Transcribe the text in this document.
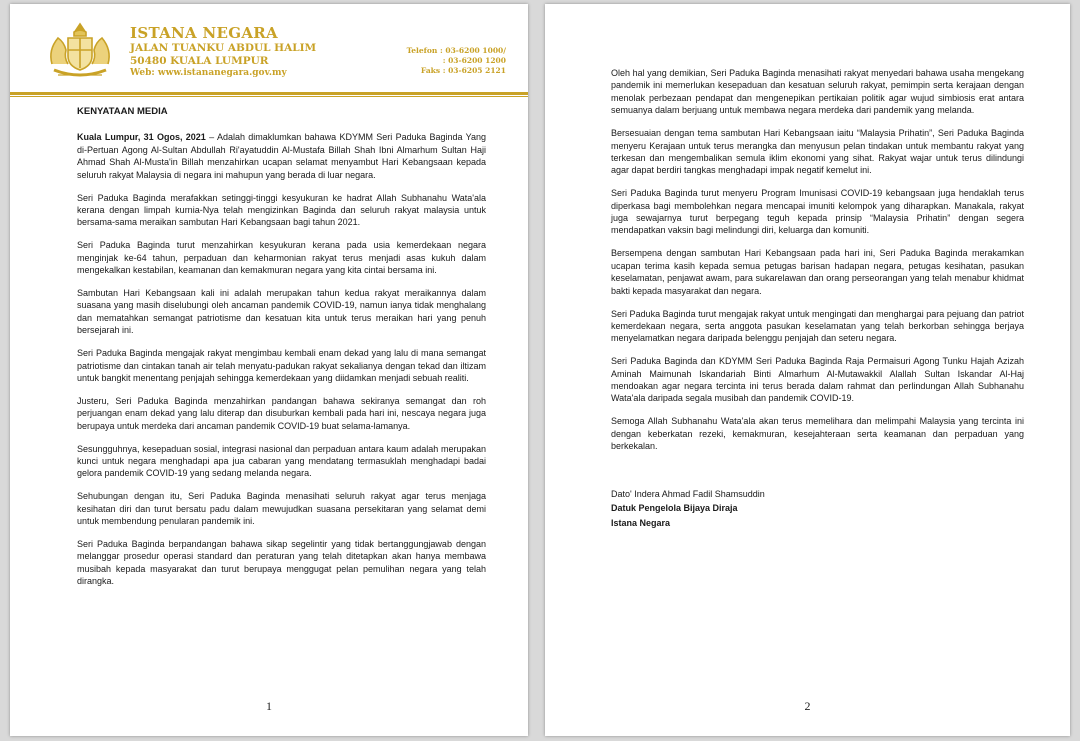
ISTANA NEGARA
JALAN TUANKU ABDUL HALIM
50480 KUALA LUMPUR
Web: www.istananegara.gov.my
Telefon : 03-6200 1000/
: 03-6200 1200
Faks : 03-6205 2121

KENYATAAN MEDIA

Kuala Lumpur, 31 Ogos, 2021 – Adalah dimaklumkan bahawa KDYMM Seri Paduka Baginda Yang di-Pertuan Agong Al-Sultan Abdullah Ri'ayatuddin Al-Mustafa Billah Shah Ibni Almarhum Sultan Haji Ahmad Shah Al-Musta'in Billah menzahirkan ucapan selamat menyambut Hari Kebangsaan kepada seluruh rakyat Malaysia di negara ini mahupun yang berada di luar negara.

Seri Paduka Baginda merafakkan setinggi-tinggi kesyukuran ke hadrat Allah Subhanahu Wata'ala kerana dengan limpah kurnia-Nya telah mengizinkan Baginda dan seluruh rakyat malaysia untuk bersama-sama meraikan sambutan Hari Kebangsaan bagi tahun 2021.

Seri Paduka Baginda turut menzahirkan kesyukuran kerana pada usia kemerdekaan negara menginjak ke-64 tahun, perpaduan dan keharmonian rakyat terus menjadi asas kukuh dalam mengekalkan kestabilan, keamanan dan kemakmuran negara yang kita cintai bersama ini.

Sambutan Hari Kebangsaan kali ini adalah merupakan tahun kedua rakyat meraikannya dalam suasana yang masih diselubungi oleh ancaman pandemik COVID-19, namun ianya tidak menghalang dan mematahkan semangat patriotisme dan kesatuan kita untuk terus meraikan hari yang penuh bersejarah ini.

Seri Paduka Baginda mengajak rakyat mengimbau kembali enam dekad yang lalu di mana semangat patriotisme dan cintakan tanah air telah menyatu-padukan rakyat sekalianya dengan tekad dan iltizam untuk bangkit menentang penjajah sehingga kemerdekaan yang diidamkan menjadi sebuah realiti.

Justeru, Seri Paduka Baginda menzahirkan pandangan bahawa sekiranya semangat dan roh perjuangan enam dekad yang lalu diterap dan disuburkan kembali pada hari ini, nescaya negara juga berupaya untuk merdeka dari ancaman pandemik COVID-19 buat selama-lamanya.

Sesungguhnya, kesepaduan sosial, integrasi nasional dan perpaduan antara kaum adalah merupakan kunci untuk negara menghadapi apa jua cabaran yang mendatang termasuklah menghadapi badai gelora pandemik COVID-19 yang sedang melanda negara.

Sehubungan dengan itu, Seri Paduka Baginda menasihati seluruh rakyat agar terus menjaga kesihatan diri dan turut bersatu padu dalam mewujudkan suasana persekitaran yang selamat demi untuk membendung penularan pandemik ini.

Seri Paduka Baginda berpandangan bahawa sikap segelintir yang tidak bertanggungjawab dengan melanggar prosedur operasi standard dan peraturan yang telah ditetapkan akan hanya membawa musibah kepada masyarakat dan turut berupaya menggugat pelan pemulihan negara yang telah dirangka.

1

Oleh hal yang demikian, Seri Paduka Baginda menasihati rakyat menyedari bahawa usaha mengekang pandemik ini memerlukan kesepaduan dan kesatuan seluruh rakyat, pemimpin serta kerajaan dengan menolak perbezaan pendapat dan mengenepikan pertikaian politik agar wujud simbiosis erat antara semuanya dalam berjuang untuk membawa negara merdeka dari pandemik yang melanda.

Bersesuaian dengan tema sambutan Hari Kebangsaan iaitu “Malaysia Prihatin”, Seri Paduka Baginda menyeru Kerajaan untuk terus merangka dan menyusun pelan tindakan untuk membantu rakyat yang terkesan dan mengembalikan semula iklim ekonomi yang sihat. Rakyat wajar untuk terus dilindungi agar dapat berdiri tangkas menghadapi impak negatif kemelut ini.

Seri Paduka Baginda turut menyeru Program Imunisasi COVID-19 kebangsaan juga hendaklah terus diperkasa bagi membolehkan negara mencapai imuniti kelompok yang diharapkan. Manakala, rakyat juga sewajarnya turut berpegang teguh kepada prinsip “Malaysia Prihatin” dengan segera mendapatkan vaksin bagi melindungi diri, keluarga dan komuniti.

Bersempena dengan sambutan Hari Kebangsaan pada hari ini, Seri Paduka Baginda merakamkan ucapan terima kasih kepada semua petugas barisan hadapan negara, petugas kesihatan, pasukan keselamatan, penjawat awam, para sukarelawan dan orang perseorangan yang telah menabur khidmat bakti kepada masyarakat dan negara.

Seri Paduka Baginda turut mengajak rakyat untuk mengingati dan menghargai para pejuang dan patriot kemerdekaan negara, serta anggota pasukan keselamatan yang telah berkorban sehingga berjaya menyelamatkan negara daripada belenggu penjajah dan seteru negara.

Seri Paduka Baginda dan KDYMM Seri Paduka Baginda Raja Permaisuri Agong Tunku Hajah Azizah Aminah Maimunah Iskandariah Binti Almarhum Al-Mutawakkil Alallah Sultan Iskandar Al-Haj mendoakan agar negara tercinta ini terus berada dalam rahmat dan perlindungan Allah Subhanahu Wata'ala daripada segala musibah dan pandemik COVID-19.

Semoga Allah Subhanahu Wata'ala akan terus memelihara dan melimpahi Malaysia yang tercinta ini dengan keberkatan rezeki, kemakmuran, kesejahteraan serta keamanan dan perpaduan yang berkekalan.

Dato' Indera Ahmad Fadil Shamsuddin
Datuk Pengelola Bijaya Diraja
Istana Negara

2
